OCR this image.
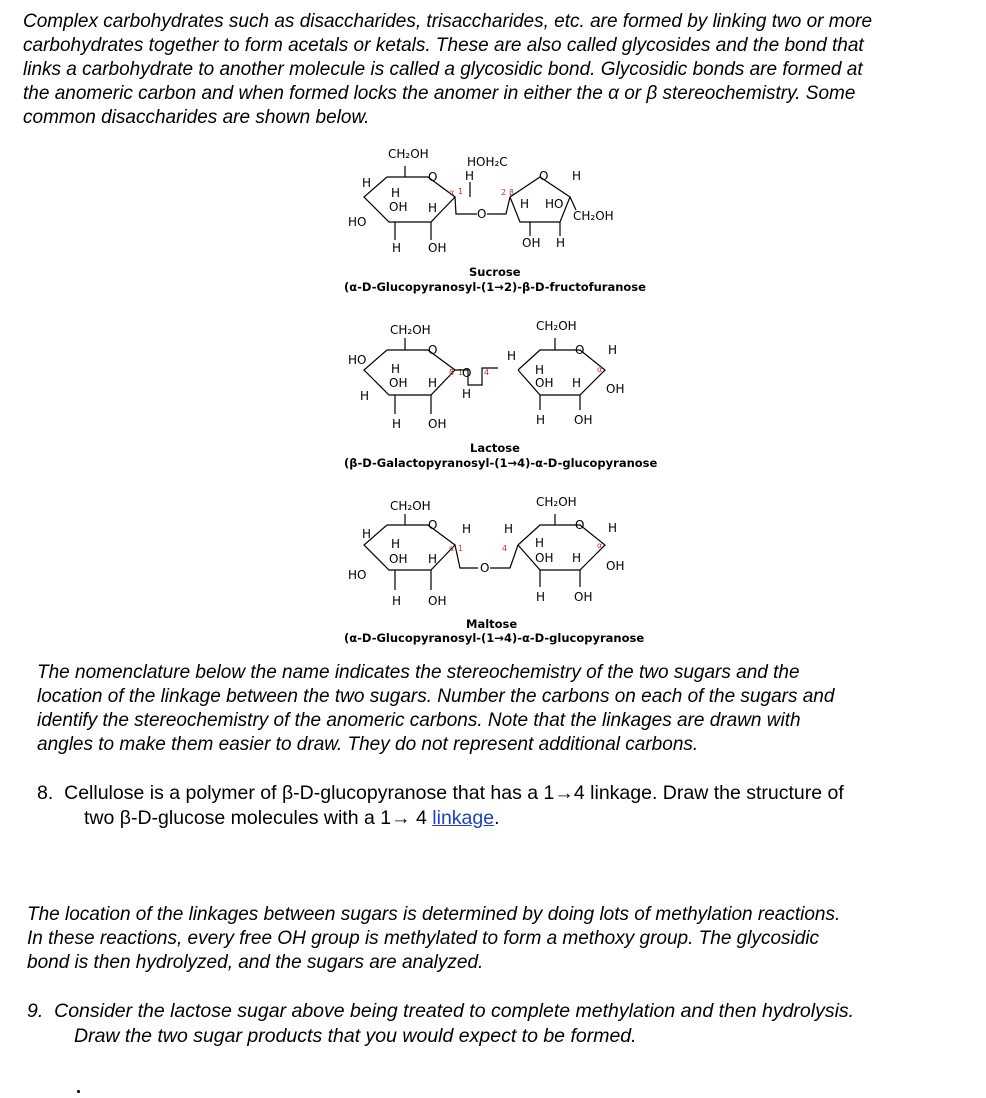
Complex carbohydrates such as disaccharides, trisaccharides, etc. are formed by linking two or more
carbohydrates together to form acetals or ketals. These are also called glycosides and the bond that
links a carbohydrate to another molecule is called a glycosidic bond. Glycosidic bonds are formed at
the anomeric carbon and when formed locks the anomer in either the α or β stereochemistry. Some
common disaccharides are shown below.
CH₂OH
O
H
H
OH H
HO
H OH
α 1
O
HOH₂C
H	O H
2 β
H HO
CH₂OH
OH H
Sucrose
(α-D-Glucopyranosyl-(1→2)-β-D-fructofuranose
CH₂OH
O
HO
H
H
OH H
H OH
β 1
H
O 4
H
CH₂OH
O H
H
OH H
α
OH
H OH
Lactose
(β-D-Galactopyranosyl-(1→4)-α-D-glucopyranose
CH₂OH
O
H
H
OH H
HO
H OH
H
α 1
O
H
4
CH₂OH
O H
H
OH H
α
OH
H OH
Maltose
(α-D-Glucopyranosyl-(1→4)-α-D-glucopyranose
The nomenclature below the name indicates the stereochemistry of the two sugars and the
location of the linkage between the two sugars. Number the carbons on each of the sugars and
identify the stereochemistry of the anomeric carbons. Note that the linkages are drawn with
angles to make them easier to draw. They do not represent additional carbons.
8. Cellulose is a polymer of β-D-glucopyranose that has a 1→4 linkage. Draw the structure of
two β-D-glucose molecules with a 1→ 4 linkage.
The location of the linkages between sugars is determined by doing lots of methylation reactions.
In these reactions, every free OH group is methylated to form a methoxy group. The glycosidic
bond is then hydrolyzed, and the sugars are analyzed.
9. Consider the lactose sugar above being treated to complete methylation and then hydrolysis.
Draw the two sugar products that you would expect to be formed.
